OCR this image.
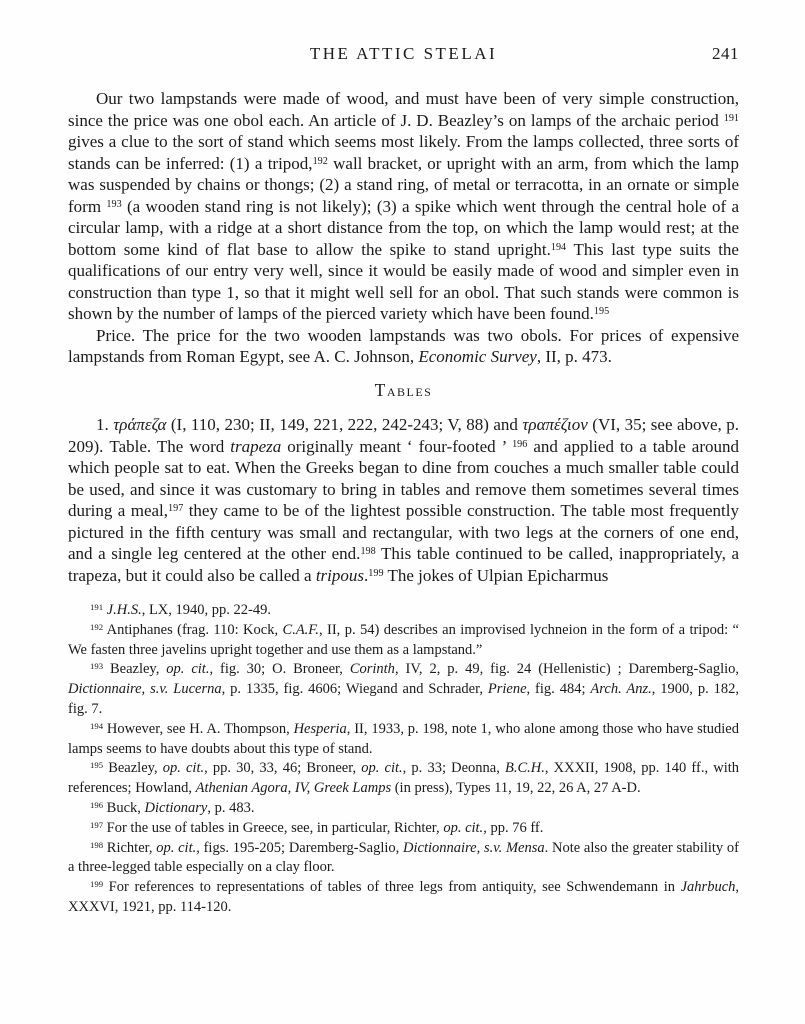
THE ATTIC STELAI	241

Our two lampstands were made of wood, and must have been of very simple construction, since the price was one obol each. An article of J. D. Beazley’s on lamps of the archaic period $^{191}$ gives a clue to the sort of stand which seems most likely. From the lamps collected, three sorts of stands can be inferred: (1) a tripod,$^{192}$ wall bracket, or upright with an arm, from which the lamp was suspended by chains or thongs; (2) a stand ring, of metal or terracotta, in an ornate or simple form $^{193}$ (a wooden stand ring is not likely); (3) a spike which went through the central hole of a circular lamp, with a ridge at a short distance from the top, on which the lamp would rest; at the bottom some kind of flat base to allow the spike to stand upright.$^{194}$ This last type suits the qualifications of our entry very well, since it would be easily made of wood and simpler even in construction than type 1, so that it might well sell for an obol. That such stands were common is shown by the number of lamps of the pierced variety which have been found.$^{195}$

Price. The price for the two wooden lampstands was two obols. For prices of expensive lampstands from Roman Egypt, see A. C. Johnson, Economic Survey, II, p. 473.

Tables

1. τράπεζα (I, 110, 230; II, 149, 221, 222, 242-243; V, 88) and τραπέζιον (VI, 35; see above, p. 209). Table. The word trapeza originally meant ‘ four-footed ’ $^{196}$ and applied to a table around which people sat to eat. When the Greeks began to dine from couches a much smaller table could be used, and since it was customary to bring in tables and remove them sometimes several times during a meal,$^{197}$ they came to be of the lightest possible construction. The table most frequently pictured in the fifth century was small and rectangular, with two legs at the corners of one end, and a single leg centered at the other end.$^{198}$ This table continued to be called, inappropriately, a trapeza, but it could also be called a tripous.$^{199}$ The jokes of Ulpian Epicharmus

$^{191}$ J.H.S., LX, 1940, pp. 22-49.

$^{192}$ Antiphanes (frag. 110: Kock, C.A.F., II, p. 54) describes an improvised lychneion in the form of a tripod: “ We fasten three javelins upright together and use them as a lampstand.”

$^{193}$ Beazley, op. cit., fig. 30; O. Broneer, Corinth, IV, 2, p. 49, fig. 24 (Hellenistic) ; Daremberg-Saglio, Dictionnaire, s.v. Lucerna, p. 1335, fig. 4606; Wiegand and Schrader, Priene, fig. 484; Arch. Anz., 1900, p. 182, fig. 7.

$^{194}$ However, see H. A. Thompson, Hesperia, II, 1933, p. 198, note 1, who alone among those who have studied lamps seems to have doubts about this type of stand.

$^{195}$ Beazley, op. cit., pp. 30, 33, 46; Broneer, op. cit., p. 33; Deonna, B.C.H., XXXII, 1908, pp. 140 ff., with references; Howland, Athenian Agora, IV, Greek Lamps (in press), Types 11, 19, 22, 26 A, 27 A-D.

$^{196}$ Buck, Dictionary, p. 483.

$^{197}$ For the use of tables in Greece, see, in particular, Richter, op. cit., pp. 76 ff.

$^{198}$ Richter, op. cit., figs. 195-205; Daremberg-Saglio, Dictionnaire, s.v. Mensa. Note also the greater stability of a three-legged table especially on a clay floor.

$^{199}$ For references to representations of tables of three legs from antiquity, see Schwendemann in Jahrbuch, XXXVI, 1921, pp. 114-120.
